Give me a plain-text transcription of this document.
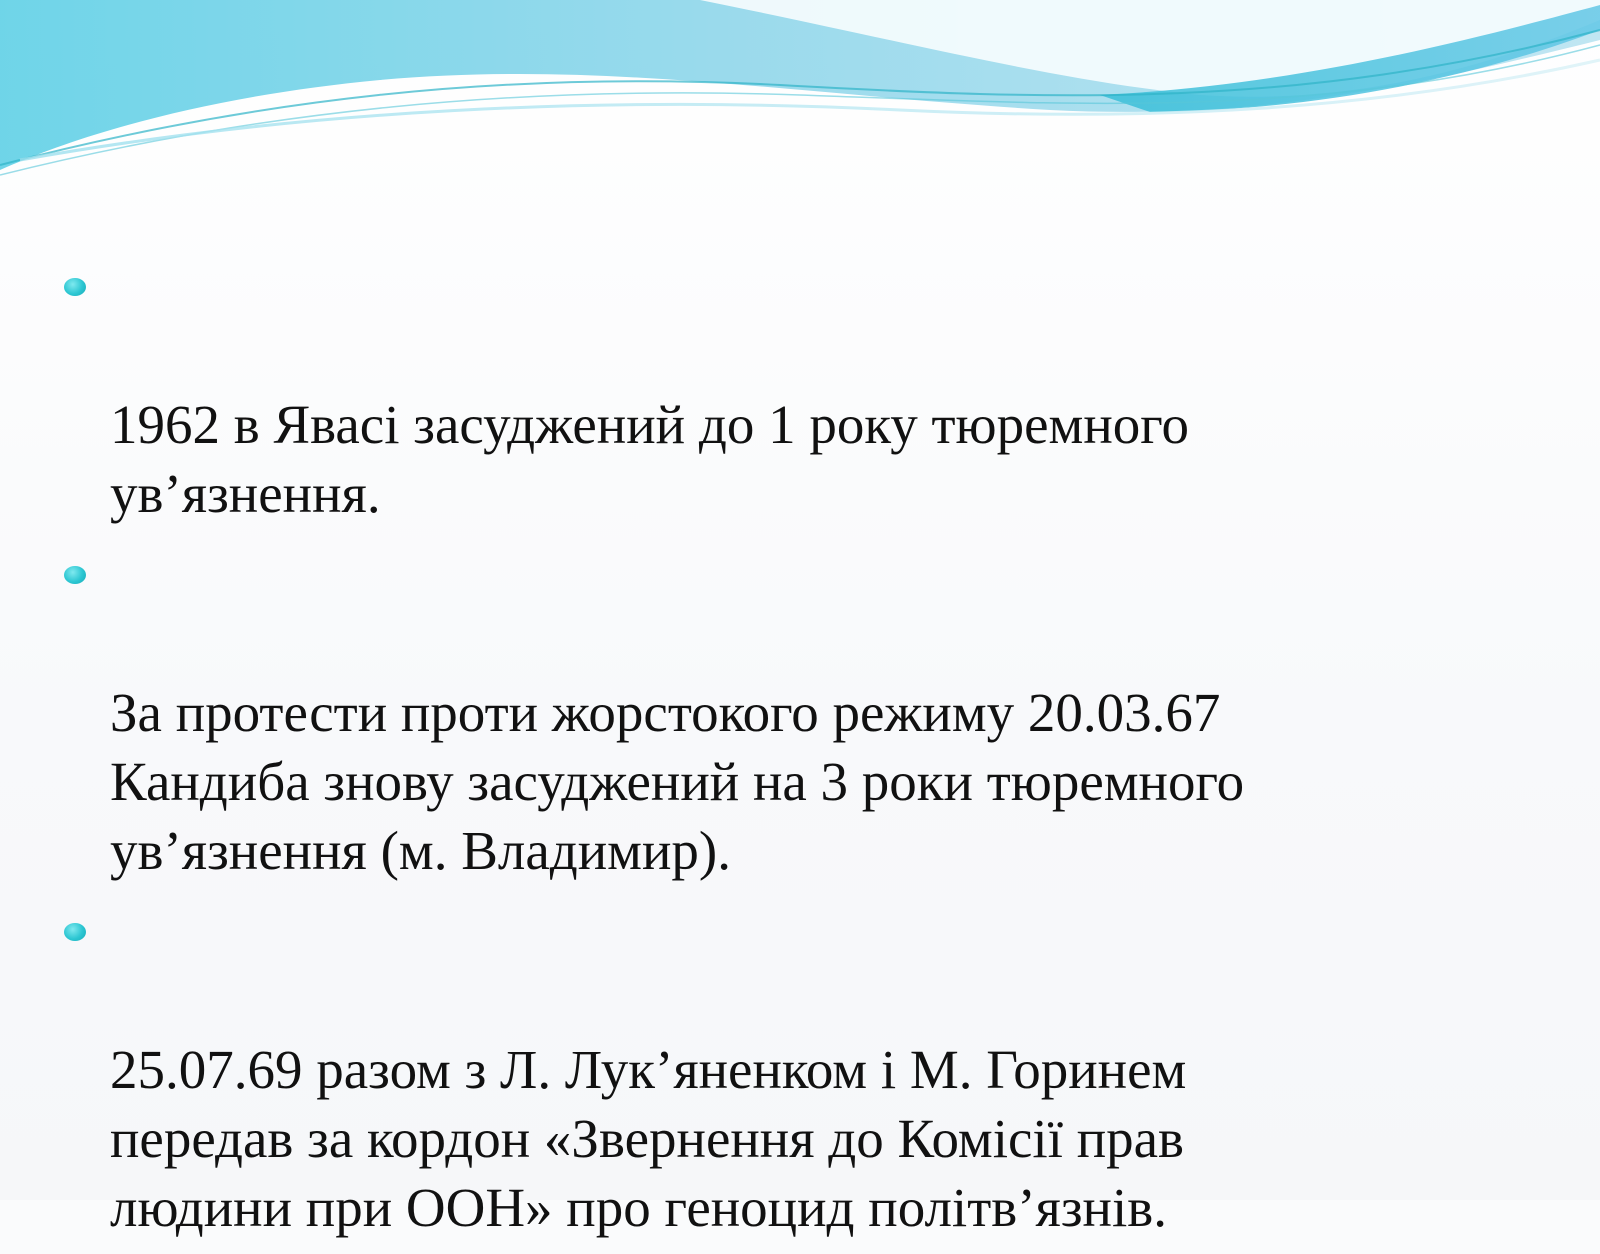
1962 в Явасі засуджений до 1 року тюремного
ув’язнення.

За протести проти жорстокого режиму 20.03.67
Кандиба знову засуджений на 3 роки тюремного
ув’язнення (м. Владимир).

25.07.69 разом з Л. Лук’яненком і М. Горинем
передав за кордон «Звернення до Комісії прав
людини при ООН» про геноцид політв’язнів.
